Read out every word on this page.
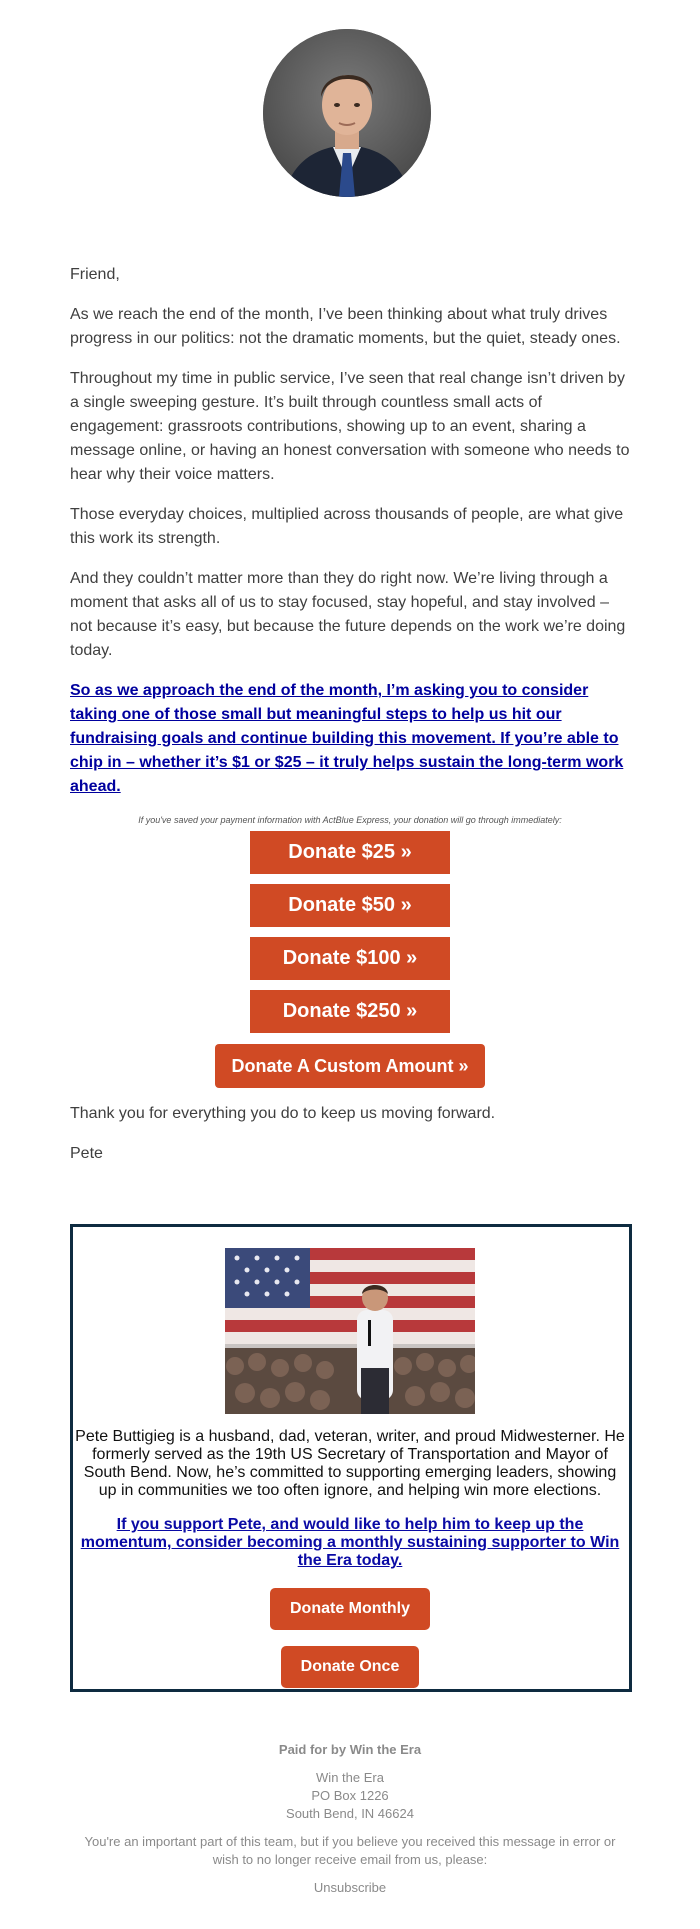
Friend,

As we reach the end of the month, I’ve been thinking about what truly drives progress in our politics: not the dramatic moments, but the quiet, steady ones.

Throughout my time in public service, I’ve seen that real change isn’t driven by a single sweeping gesture. It’s built through countless small acts of engagement: grassroots contributions, showing up to an event, sharing a message online, or having an honest conversation with someone who needs to hear why their voice matters.

Those everyday choices, multiplied across thousands of people, are what give this work its strength.

And they couldn’t matter more than they do right now. We’re living through a moment that asks all of us to stay focused, stay hopeful, and stay involved – not because it’s easy, but because the future depends on the work we’re doing today.

So as we approach the end of the month, I’m asking you to consider taking one of those small but meaningful steps to help us hit our fundraising goals and continue building this movement. If you’re able to chip in – whether it’s $1 or $25 – it truly helps sustain the long-term work ahead.

If you've saved your payment information with ActBlue Express, your donation will go through immediately:

Donate $25 »
Donate $50 »
Donate $100 »
Donate $250 »
Donate A Custom Amount »

Thank you for everything you do to keep us moving forward.

Pete

Pete Buttigieg is a husband, dad, veteran, writer, and proud Midwesterner. He formerly served as the 19th US Secretary of Transportation and Mayor of South Bend. Now, he’s committed to supporting emerging leaders, showing up in communities we too often ignore, and helping win more elections.

If you support Pete, and would like to help him to keep up the momentum, consider becoming a monthly sustaining supporter to Win the Era today.
Donate Monthly
Donate Once
Paid for by Win the Era
Win the Era
PO Box 1226
South Bend, IN 46624
You're an important part of this team, but if you believe you received this message in error or wish to no longer receive email from us, please:
Unsubscribe
